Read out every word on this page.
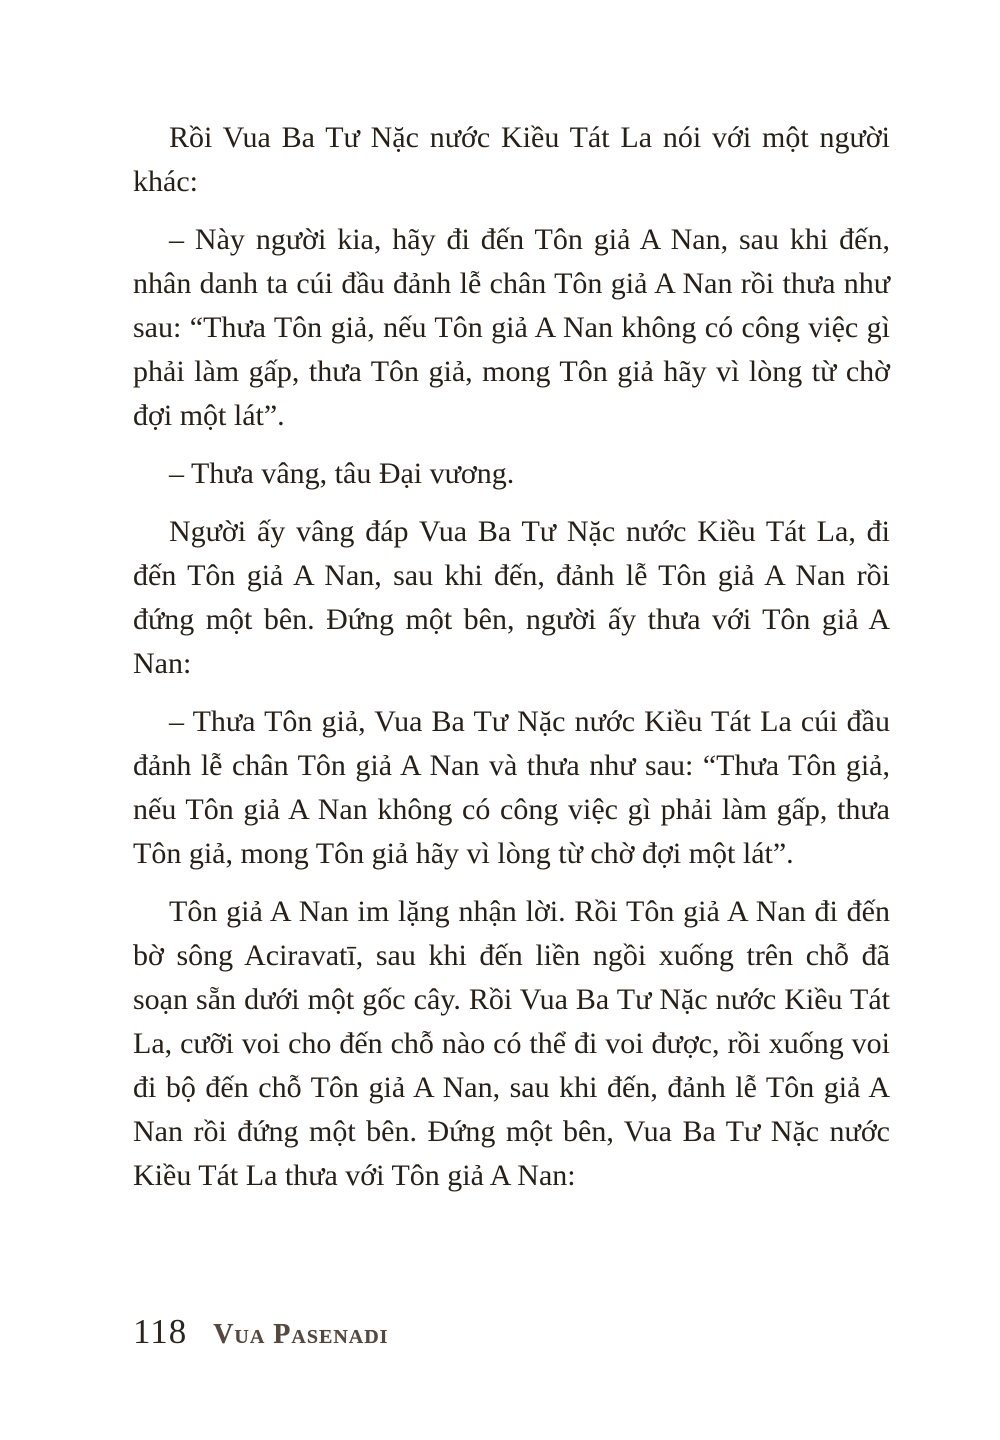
Rồi Vua Ba Tư Nặc nước Kiều Tát La nói với một người khác:

– Này người kia, hãy đi đến Tôn giả A Nan, sau khi đến, nhân danh ta cúi đầu đảnh lễ chân Tôn giả A Nan rồi thưa như sau: “Thưa Tôn giả, nếu Tôn giả A Nan không có công việc gì phải làm gấp, thưa Tôn giả, mong Tôn giả hãy vì lòng từ chờ đợi một lát”.

– Thưa vâng, tâu Đại vương.

Người ấy vâng đáp Vua Ba Tư Nặc nước Kiều Tát La, đi đến Tôn giả A Nan, sau khi đến, đảnh lễ Tôn giả A Nan rồi đứng một bên. Đứng một bên, người ấy thưa với Tôn giả A Nan:

– Thưa Tôn giả, Vua Ba Tư Nặc nước Kiều Tát La cúi đầu đảnh lễ chân Tôn giả A Nan và thưa như sau: “Thưa Tôn giả, nếu Tôn giả A Nan không có công việc gì phải làm gấp, thưa Tôn giả, mong Tôn giả hãy vì lòng từ chờ đợi một lát”.

Tôn giả A Nan im lặng nhận lời. Rồi Tôn giả A Nan đi đến bờ sông Aciravatī, sau khi đến liền ngồi xuống trên chỗ đã soạn sẵn dưới một gốc cây. Rồi Vua Ba Tư Nặc nước Kiều Tát La, cưỡi voi cho đến chỗ nào có thể đi voi được, rồi xuống voi đi bộ đến chỗ Tôn giả A Nan, sau khi đến, đảnh lễ Tôn giả A Nan rồi đứng một bên. Đứng một bên, Vua Ba Tư Nặc nước Kiều Tát La thưa với Tôn giả A Nan:

118 Vua Pasenadi
